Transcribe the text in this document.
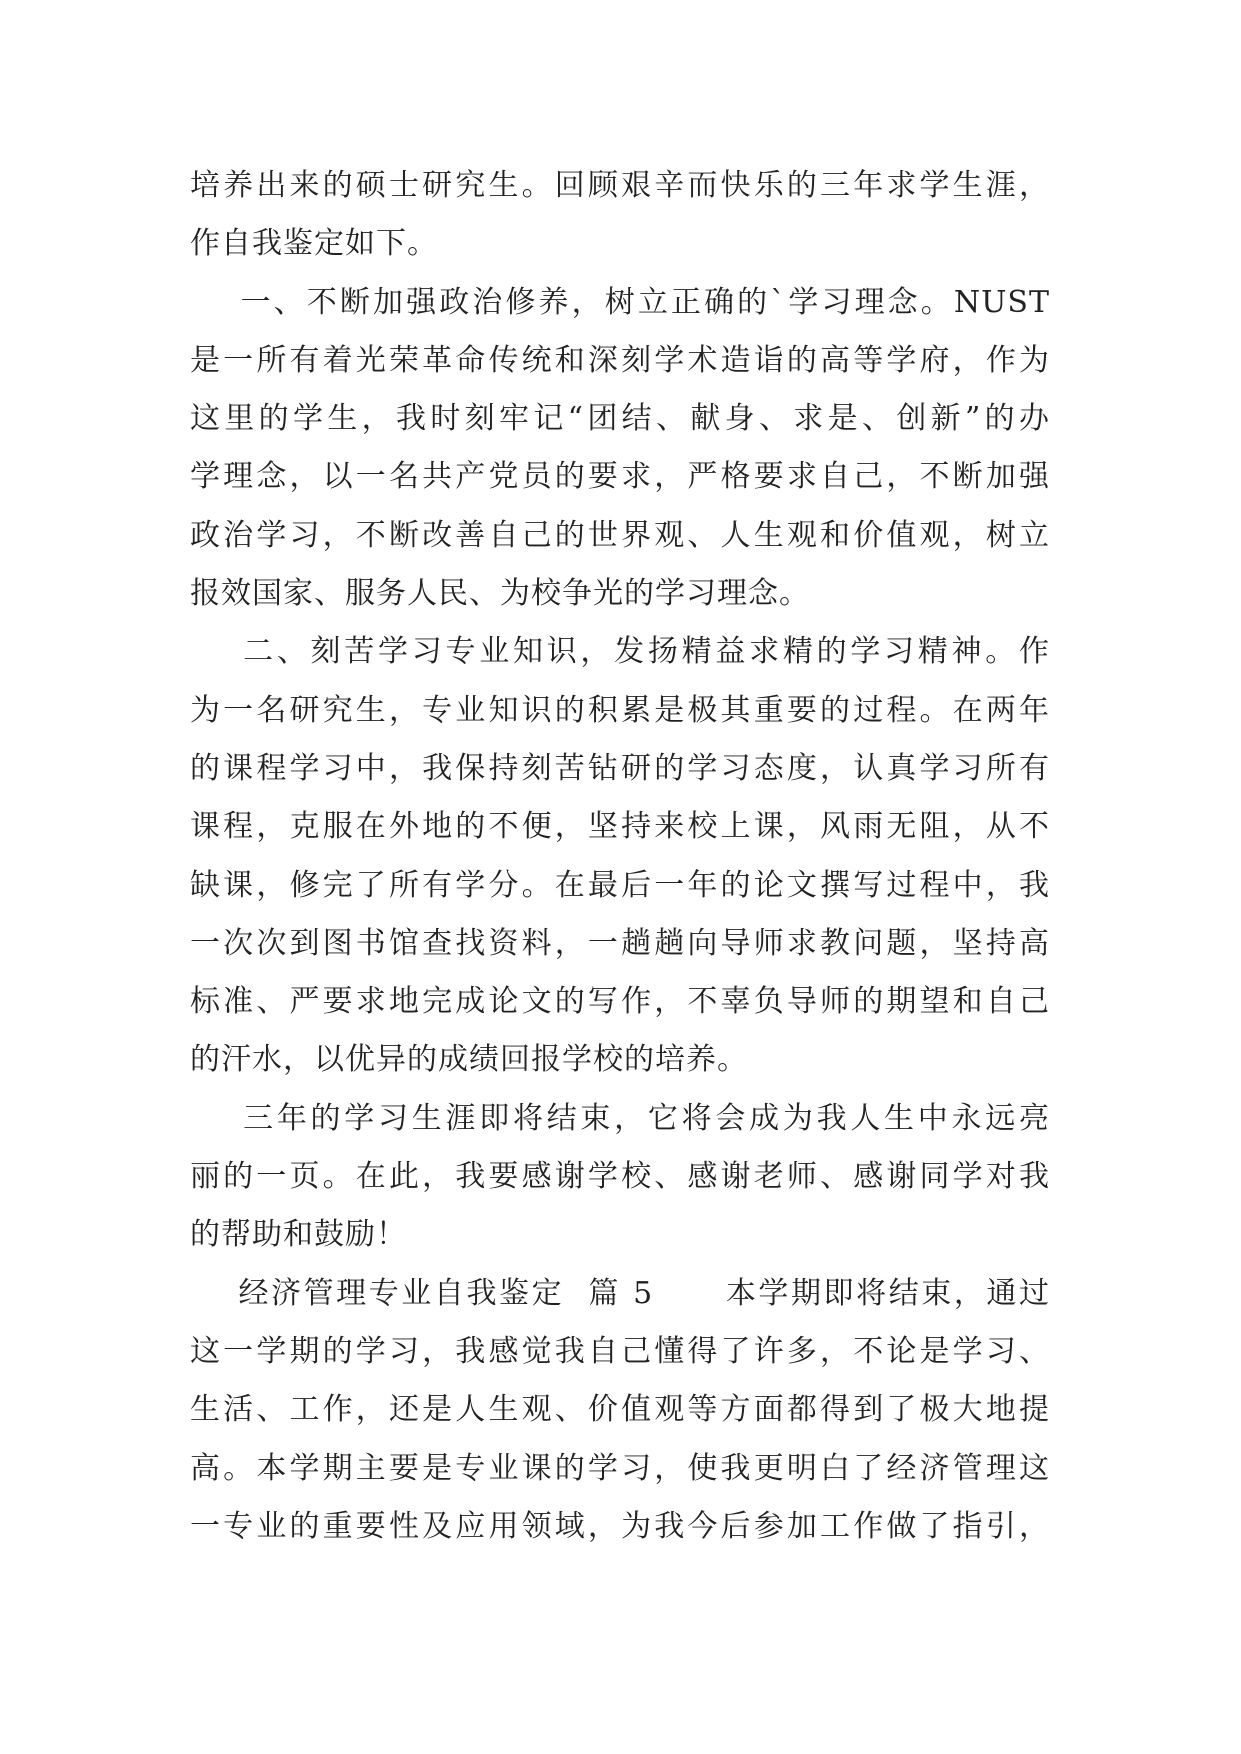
培养出来的硕士研究生。回顾艰辛而快乐的三年求学生涯，
作自我鉴定如下。
一、不断加强政治修养，树立正确的`学习理念。NUST
是一所有着光荣革命传统和深刻学术造诣的高等学府，作为
这里的学生，我时刻牢记“团结、献身、求是、创新”的办
学理念，以一名共产党员的要求，严格要求自己，不断加强
政治学习，不断改善自己的世界观、人生观和价值观，树立
报效国家、服务人民、为校争光的学习理念。
二、刻苦学习专业知识，发扬精益求精的学习精神。作
为一名研究生，专业知识的积累是极其重要的过程。在两年
的课程学习中，我保持刻苦钻研的学习态度，认真学习所有
课程，克服在外地的不便，坚持来校上课，风雨无阻，从不
缺课，修完了所有学分。在最后一年的论文撰写过程中，我
一次次到图书馆查找资料，一趟趟向导师求教问题，坚持高
标准、严要求地完成论文的写作，不辜负导师的期望和自己
的汗水，以优异的成绩回报学校的培养。
三年的学习生涯即将结束，它将会成为我人生中永远亮
丽的一页。在此，我要感谢学校、感谢老师、感谢同学对我
的帮助和鼓励！
经济管理专业自我鉴定  篇 5      本学期即将结束，通过
这一学期的学习，我感觉我自己懂得了许多，不论是学习、
生活、工作，还是人生观、价值观等方面都得到了极大地提
高。本学期主要是专业课的学习，使我更明白了经济管理这
一专业的重要性及应用领域，为我今后参加工作做了指引，
